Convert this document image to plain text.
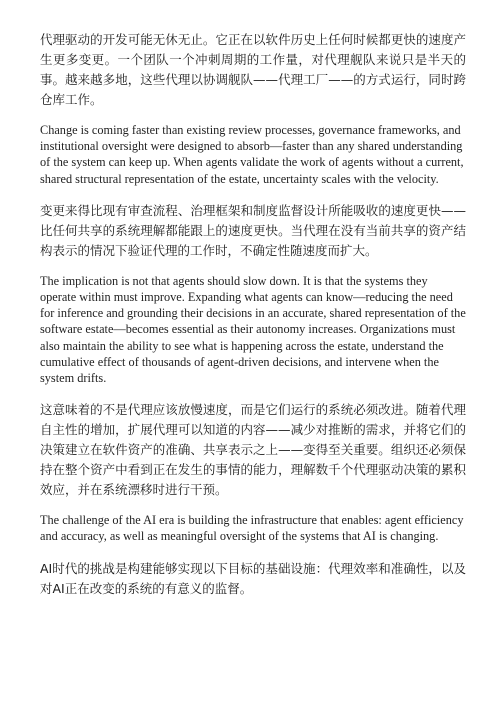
代理驱动的开发可能无休无止。它正在以软件历史上任何时候都更快的速度产生更多变更。一个团队一个冲刺周期的工作量，对代理舰队来说只是半天的事。越来越多地，这些代理以协调舰队——代理工厂——的方式运行，同时跨仓库工作。

Change is coming faster than existing review processes, governance frameworks, and institutional oversight were designed to absorb—faster than any shared understanding of the system can keep up. When agents validate the work of agents without a current, shared structural representation of the estate, uncertainty scales with the velocity.

变更来得比现有审查流程、治理框架和制度监督设计所能吸收的速度更快——比任何共享的系统理解都能跟上的速度更快。当代理在没有当前共享的资产结构表示的情况下验证代理的工作时，不确定性随速度而扩大。

The implication is not that agents should slow down. It is that the systems they operate within must improve. Expanding what agents can know—reducing the need for inference and grounding their decisions in an accurate, shared representation of the software estate—becomes essential as their autonomy increases. Organizations must also maintain the ability to see what is happening across the estate, understand the cumulative effect of thousands of agent-driven decisions, and intervene when the system drifts.

这意味着的不是代理应该放慢速度，而是它们运行的系统必须改进。随着代理自主性的增加，扩展代理可以知道的内容——减少对推断的需求，并将它们的决策建立在软件资产的准确、共享表示之上——变得至关重要。组织还必须保持在整个资产中看到正在发生的事情的能力，理解数千个代理驱动决策的累积效应，并在系统漂移时进行干预。

The challenge of the AI era is building the infrastructure that enables: agent efficiency and accuracy, as well as meaningful oversight of the systems that AI is changing.

AI时代的挑战是构建能够实现以下目标的基础设施：代理效率和准确性，以及对AI正在改变的系统的有意义的监督。
